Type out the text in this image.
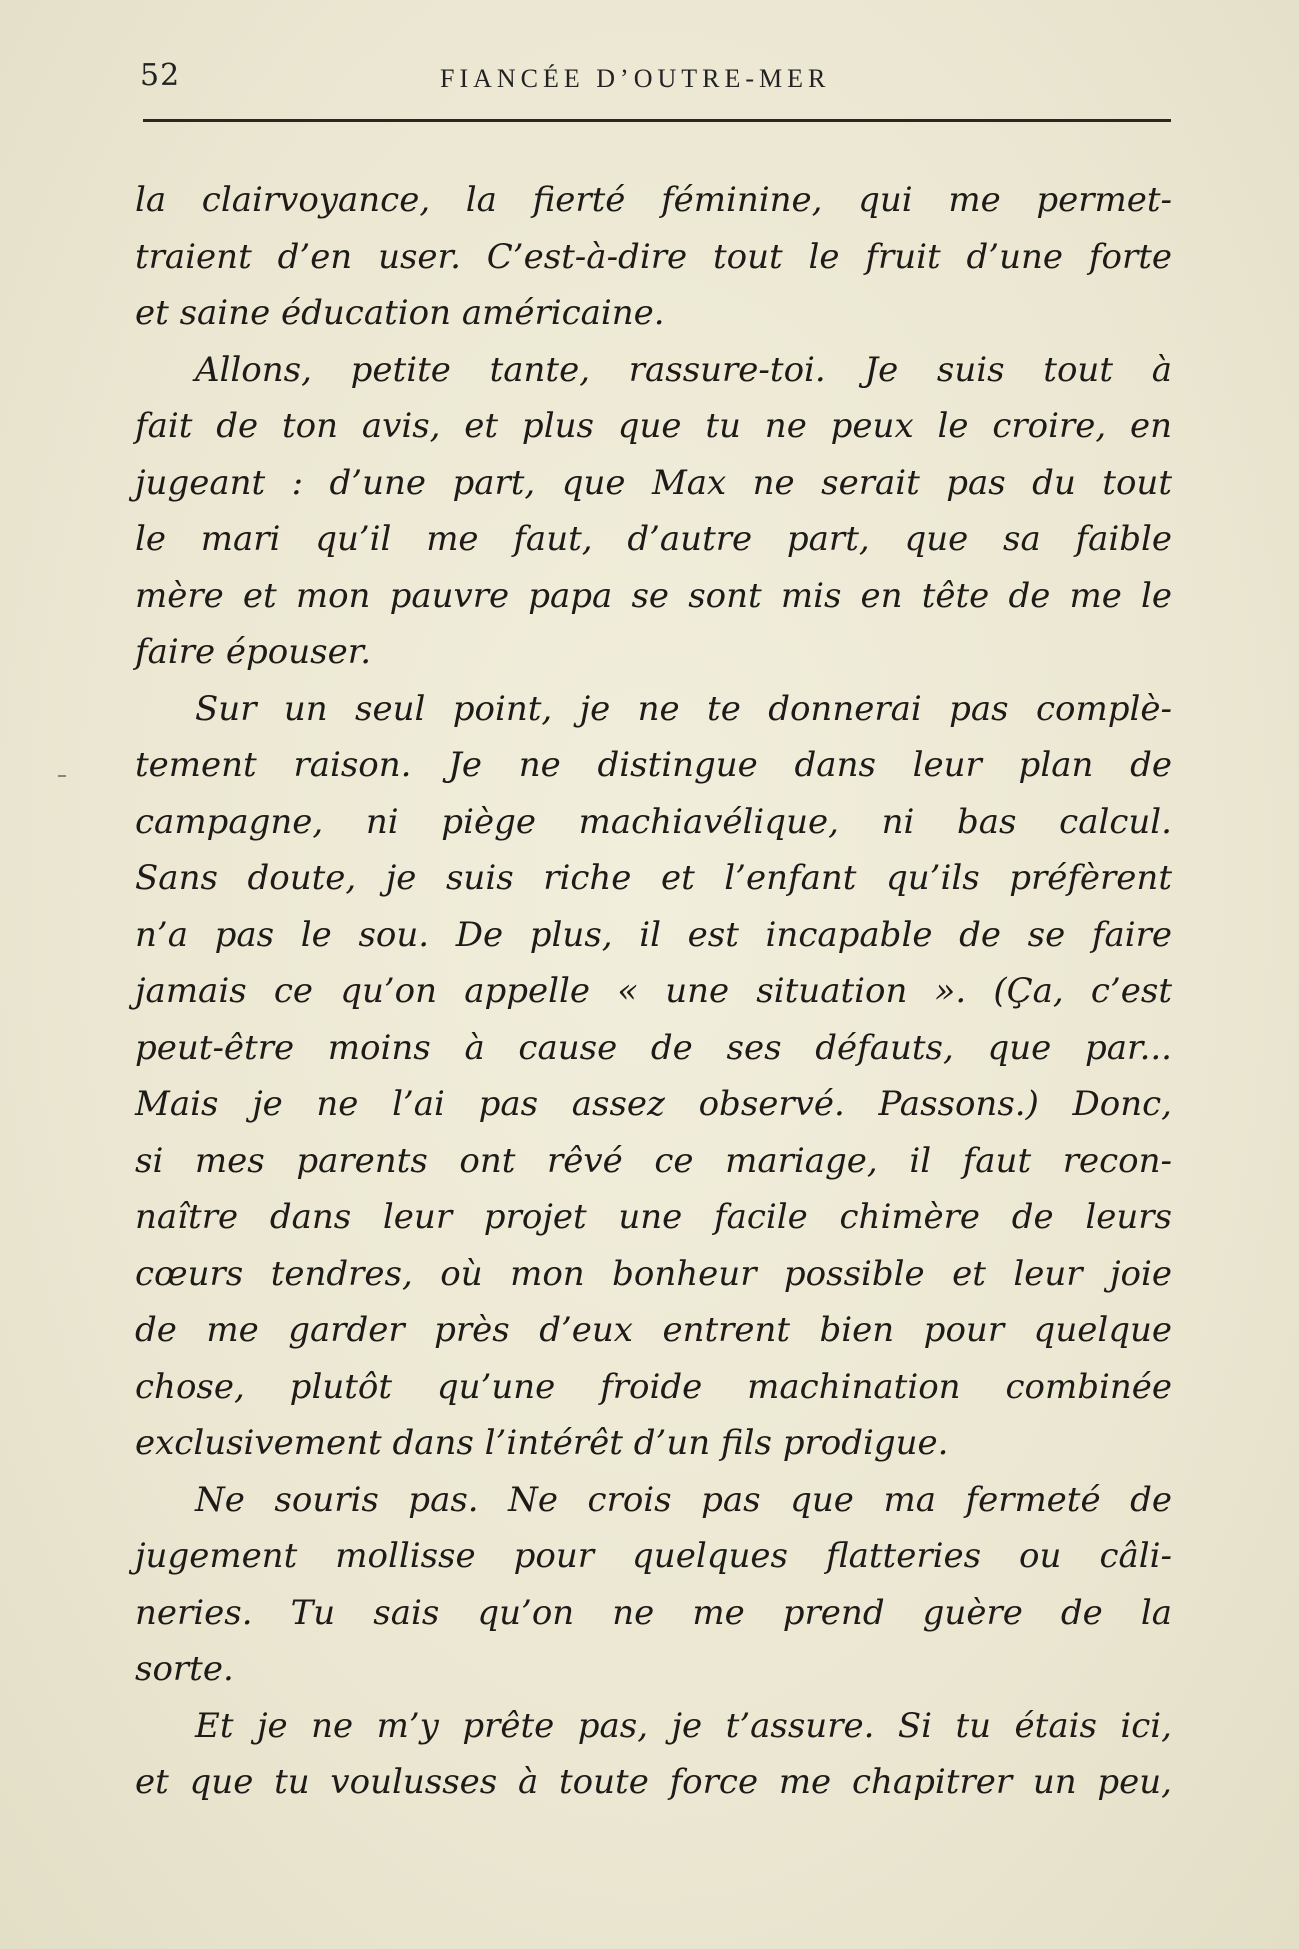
52	FIANCÉE D’OUTRE-MER
la clairvoyance, la fierté féminine, qui me permet-
traient d’en user. C’est-à-dire tout le fruit d’une forte
et saine éducation américaine.
Allons, petite tante, rassure-toi. Je suis tout à
fait de ton avis, et plus que tu ne peux le croire, en
jugeant : d’une part, que Max ne serait pas du tout
le mari qu’il me faut, d’autre part, que sa faible
mère et mon pauvre papa se sont mis en tête de me le
faire épouser.
Sur un seul point, je ne te donnerai pas complè-
tement raison. Je ne distingue dans leur plan de
campagne, ni piège machiavélique, ni bas calcul.
Sans doute, je suis riche et l’enfant qu’ils préfèrent
n’a pas le sou. De plus, il est incapable de se faire
jamais ce qu’on appelle « une situation ». (Ça, c’est
peut-être moins à cause de ses défauts, que par...
Mais je ne l’ai pas assez observé. Passons.) Donc,
si mes parents ont rêvé ce mariage, il faut recon-
naître dans leur projet une facile chimère de leurs
cœurs tendres, où mon bonheur possible et leur joie
de me garder près d’eux entrent bien pour quelque
chose, plutôt qu’une froide machination combinée
exclusivement dans l’intérêt d’un fils prodigue.
Ne souris pas. Ne crois pas que ma fermeté de
jugement mollisse pour quelques flatteries ou câli-
neries. Tu sais qu’on ne me prend guère de la
sorte.
Et je ne m’y prête pas, je t’assure. Si tu étais ici,
et que tu voulusses à toute force me chapitrer un peu,
